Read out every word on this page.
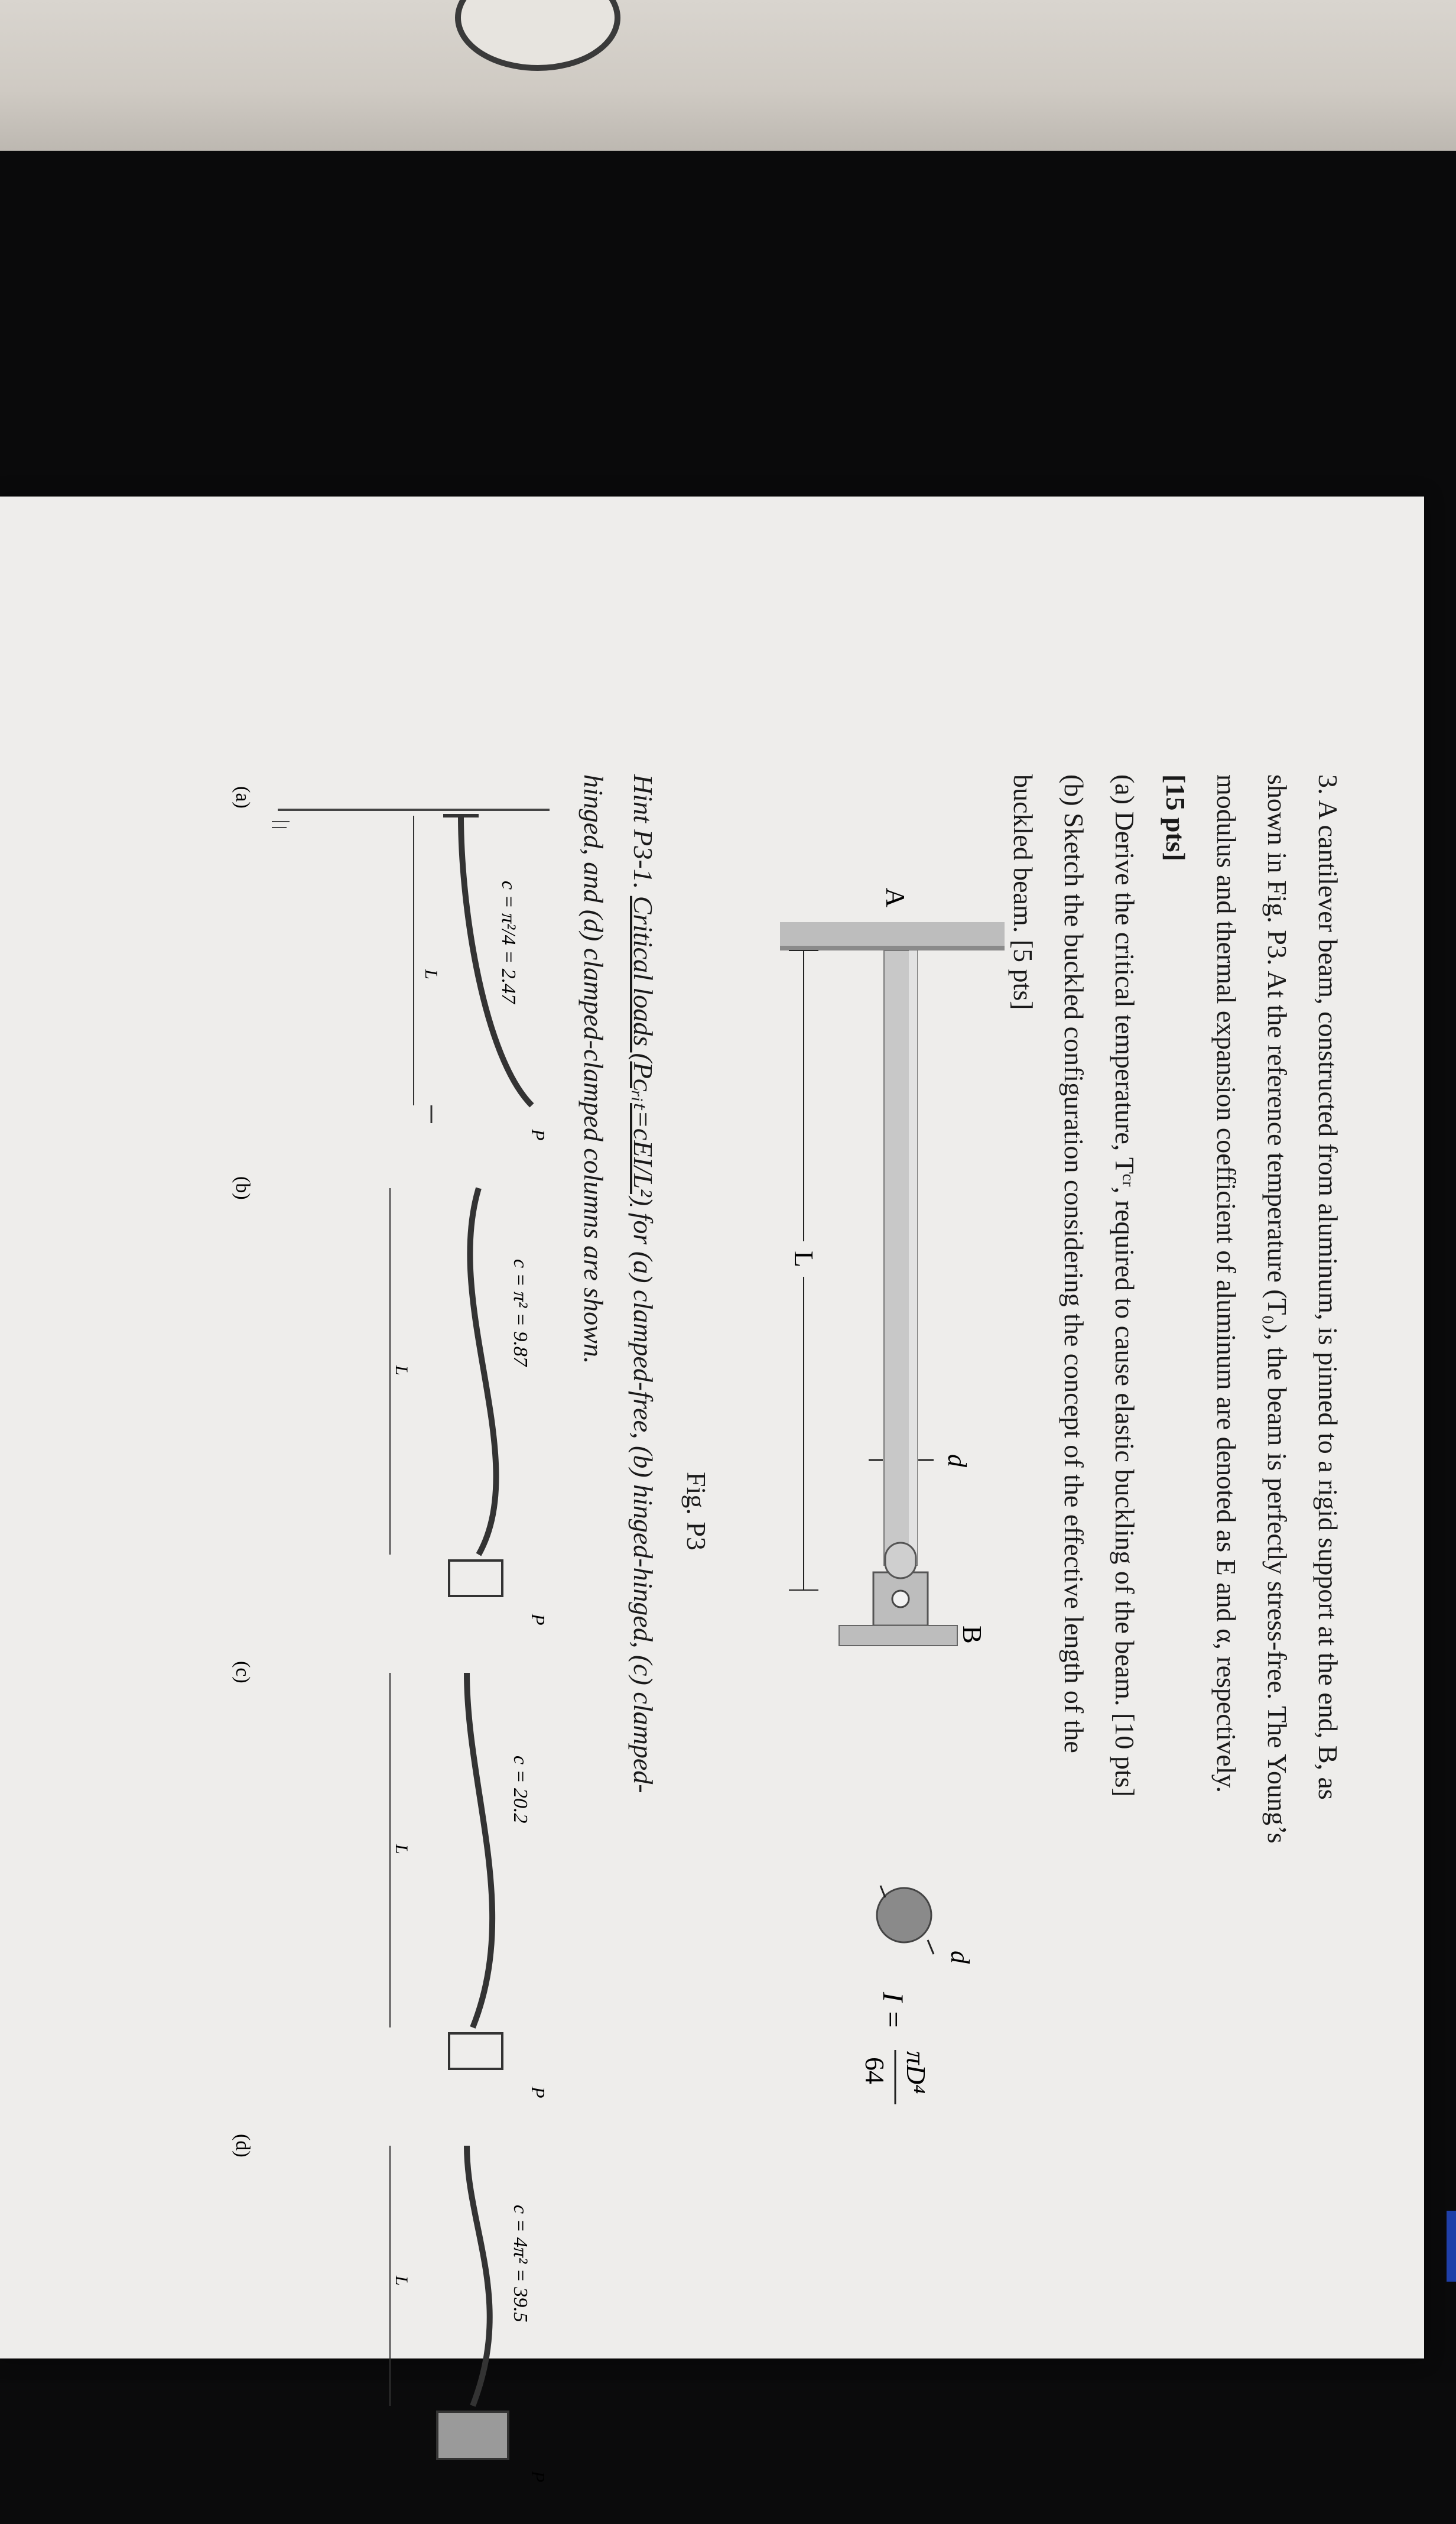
3. A cantilever beam, constructed from aluminum, is pinned to a rigid support at the end, B, as
shown in Fig. P3. At the reference temperature (T₀), the beam is perfectly stress-free. The Young’s
modulus and thermal expansion coefficient of aluminum are denoted as E and α, respectively.
[15 pts]
(a) Derive the critical temperature, Tᶜʳ, required to cause elastic buckling of the beam. [10 pts]
(b) Sketch the buckled configuration considering the concept of the effective length of the
buckled beam. [5 pts]
A
B
d
L
d
I =
πD⁴
64
Fig. P3
Hint P3-1. Critical loads (Pᴄᵣᵢₜ=cEI/L²) for (a) clamped-free, (b) hinged-hinged, (c) clamped-
hinged, and (d) clamped-clamped columns are shown.
L
P
c = π²/4 = 2.47
(a)
L
P
c = π² = 9.87
(b)
L
P
c = 20.2
(c)
L
P
c = 4π² = 39.5
(d)
